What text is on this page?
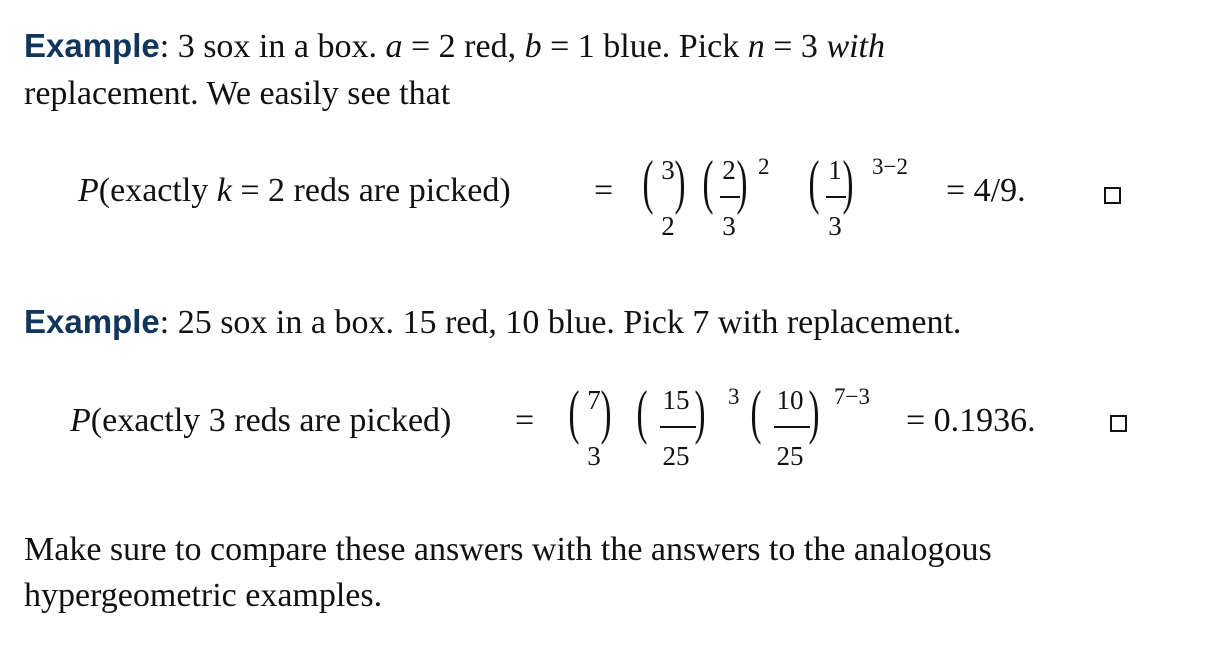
Example: 3 sox in a box. a = 2 red, b = 1 blue. Pick n = 3 with
replacement. We easily see that
P(exactly k = 2 reds are picked) = ( 3
2
) ( 2
3
) 2 ( 1
3
) 3−2
= 4/9.
Example: 25 sox in a box. 15 red, 10 blue. Pick 7 with replacement.
P(exactly 3 reds are picked) = ( 7
3
) ( 15
25
) 3 ( 10
25
) 7−3
= 0.1936.
Make sure to compare these answers with the answers to the analogous
hypergeometric examples.
